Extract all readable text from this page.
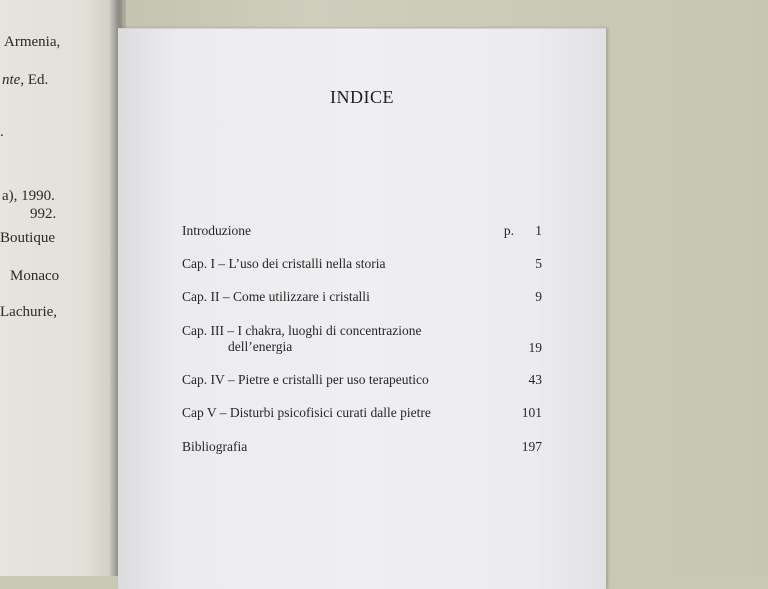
Armenia,
nte, Ed.
.
a), 1990.
992.
Boutique
Monaco
Lachurie,
INDICE
Introduzione	p. 1
Cap. I – L’uso dei cristalli nella storia	5
Cap. II – Come utilizzare i cristalli	9
Cap. III – I chakra, luoghi di concentrazione
dell’energia	19
Cap. IV – Pietre e cristalli per uso terapeutico	43
Cap V – Disturbi psicofisici curati dalle pietre	101
Bibliografia	197
